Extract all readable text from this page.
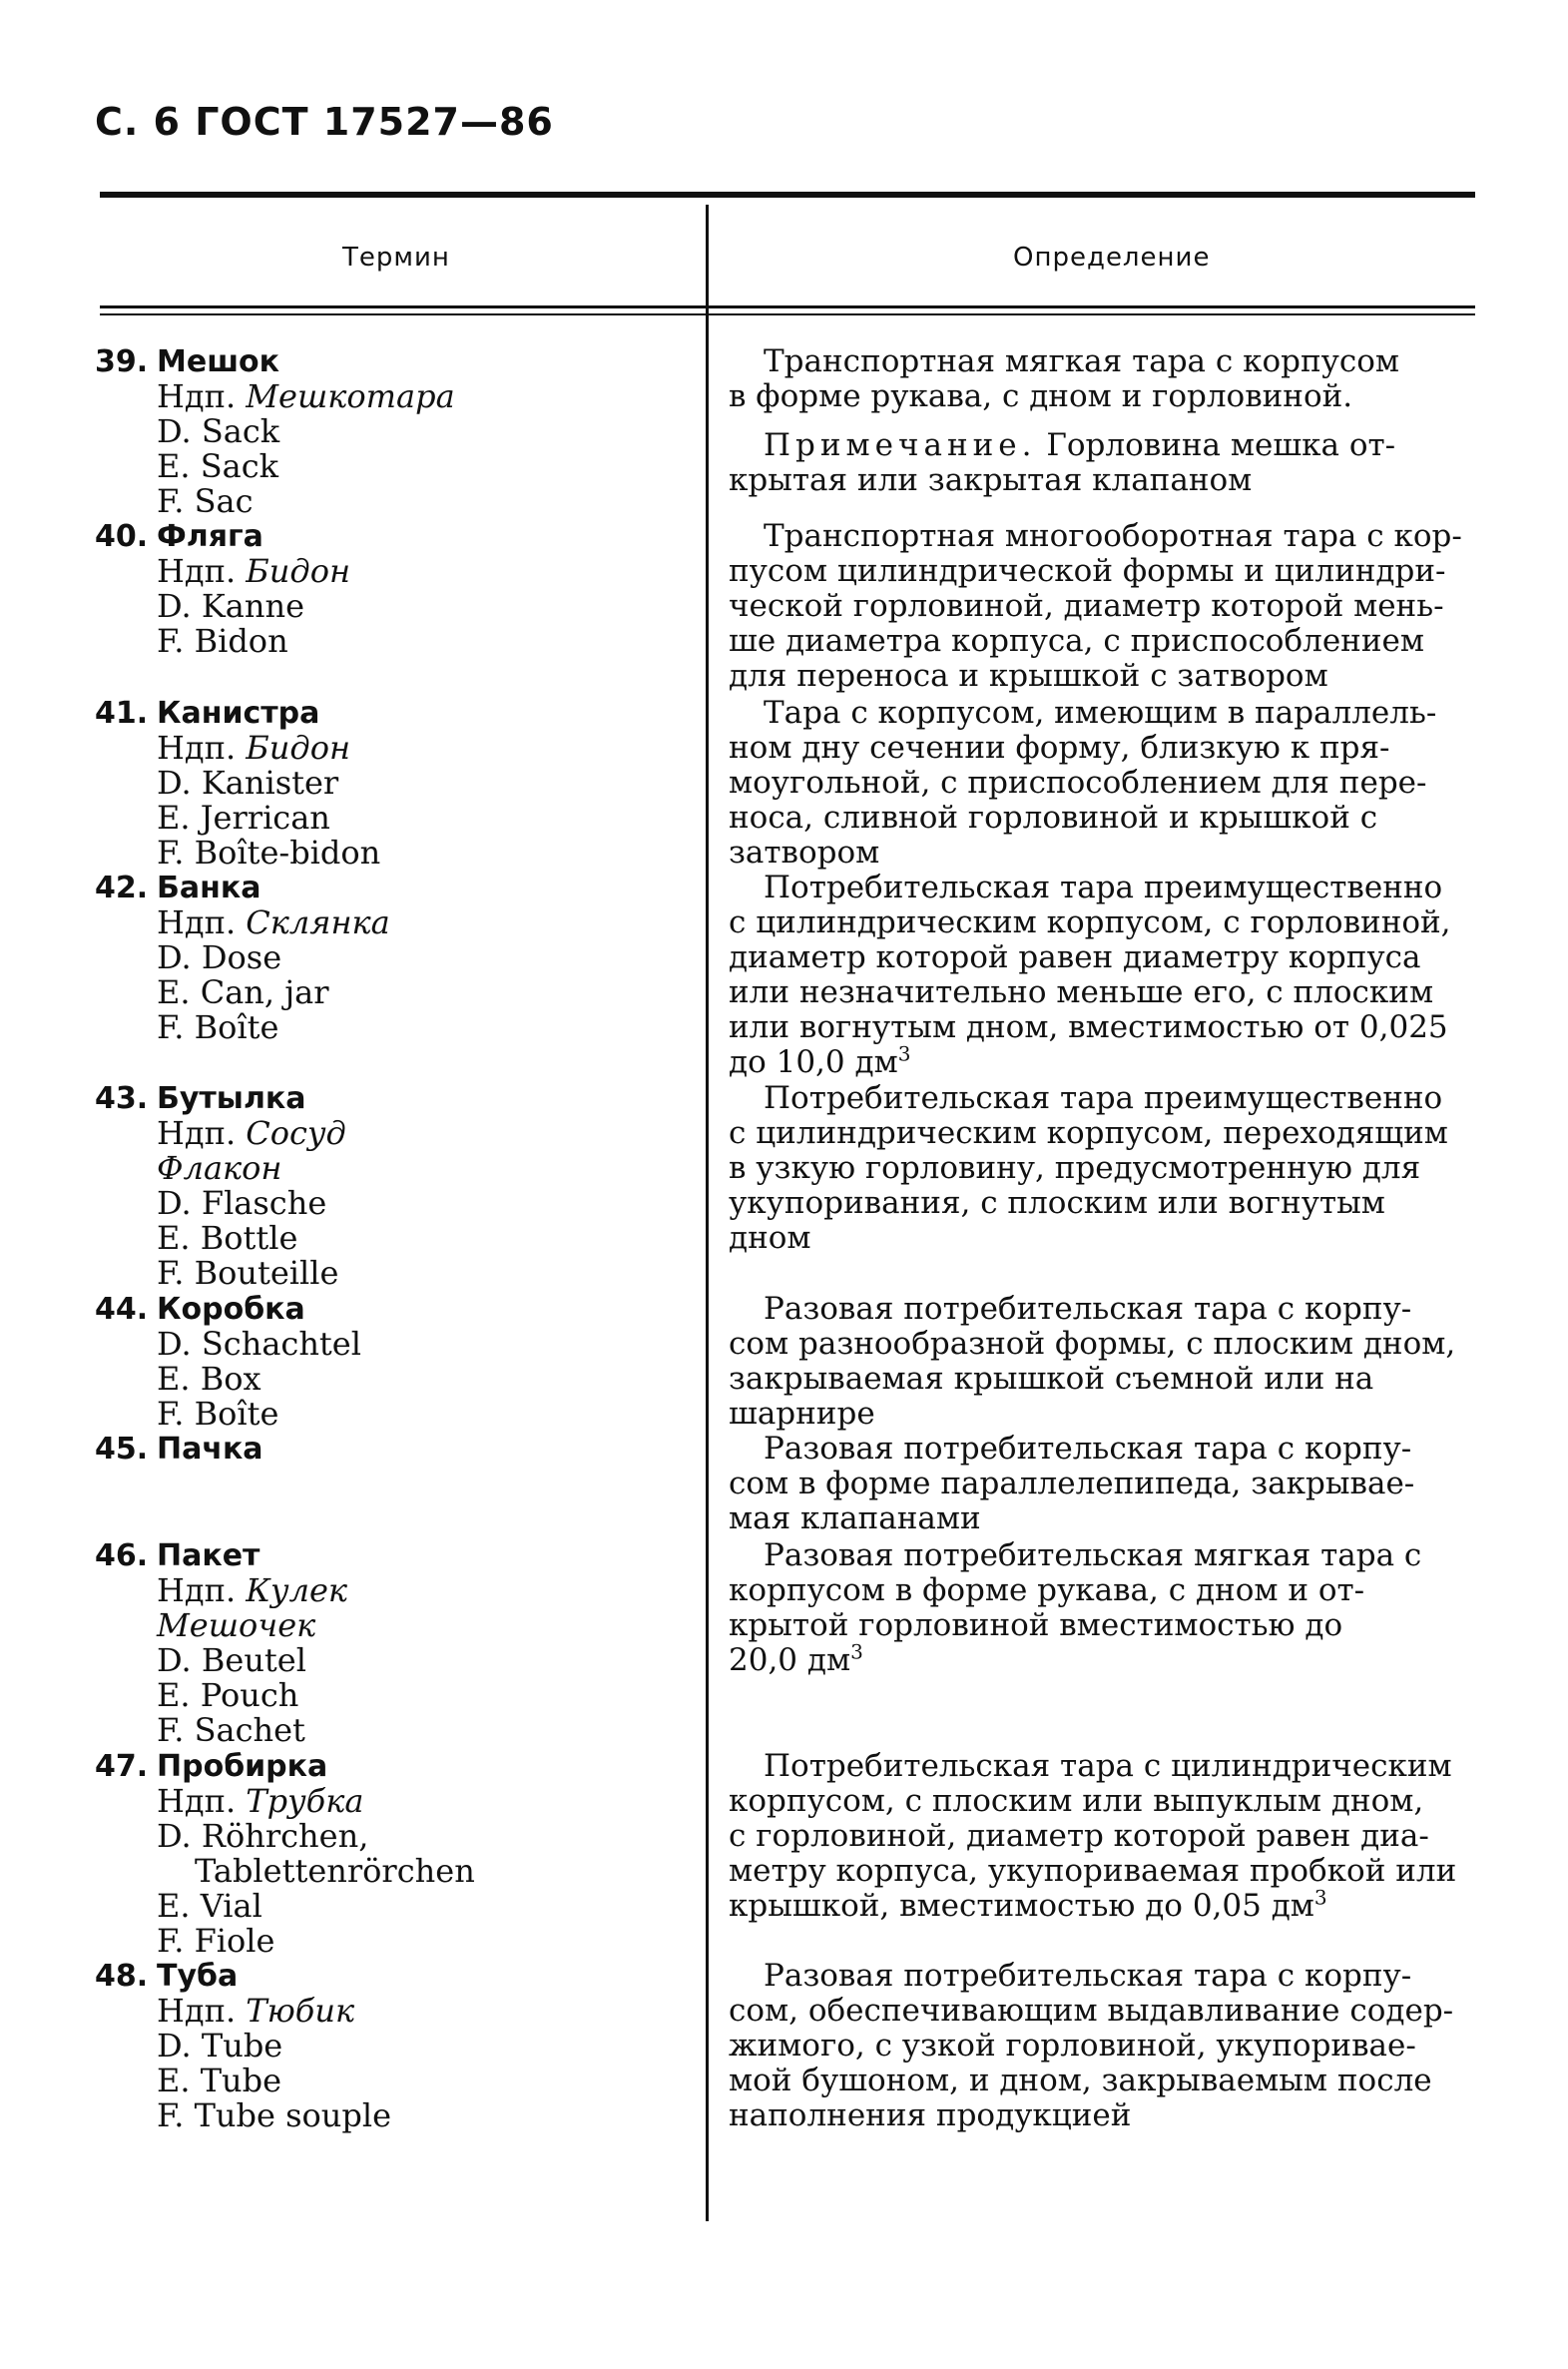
С. 6 ГОСТ 17527—86
Термин	Определение
39. Мешок
Ндп. Мешкотара
D. Sack
E. Sack
F. Sac
Транспортная мягкая тара с корпусом
в форме рукава, с дном и горловиной.
Примечание. Горловина мешка от-
крытая или закрытая клапаном
40. Фляга
Ндп. Бидон
D. Kanne
F. Bidon
Транспортная многооборотная тара с кор-
пусом цилиндрической формы и цилиндри-
ческой горловиной, диаметр которой мень-
ше диаметра корпуса, с приспособлением
для переноса и крышкой с затвором
41. Канистра
Ндп. Бидон
D. Kanister
E. Jerrican
F. Boîte-bidon
Тара с корпусом, имеющим в параллель-
ном дну сечении форму, близкую к пря-
моугольной, с приспособлением для пере-
носа, сливной горловиной и крышкой с
затвором
42. Банка
Ндп. Склянка
D. Dose
E. Can, jar
F. Boîte
Потребительская тара преимущественно
с цилиндрическим корпусом, с горловиной,
диаметр которой равен диаметру корпуса
или незначительно меньше его, с плоским
или вогнутым дном, вместимостью от 0,025
до 10,0 $дм^3$
43. Бутылка
Ндп. Сосуд
Флакон
D. Flasche
E. Bottle
F. Bouteille
Потребительская тара преимущественно
с цилиндрическим корпусом, переходящим
в узкую горловину, предусмотренную для
укупоривания, с плоским или вогнутым
дном
44. Коробка
D. Schachtel
E. Box
F. Boîte
Разовая потребительская тара с корпу-
сом разнообразной формы, с плоским дном,
закрываемая крышкой съемной или на
шарнире
45. Пачка	Разовая потребительская тара с корпу-
сом в форме параллелепипеда, закрывае-
мая клапанами
46. Пакет
Ндп. Кулек
Мешочек
D. Beutel
E. Pouch
F. Sachet
Разовая потребительская мягкая тара с
корпусом в форме рукава, с дном и от-
крытой горловиной вместимостью до
20,0 $дм^3$
47. Пробирка
Ндп. Трубка
D. Röhrchen,
Tablettenrörchen
E. Vial
F. Fiole
Потребительская тара с цилиндрическим
корпусом, с плоским или выпуклым дном,
с горловиной, диаметр которой равен диа-
метру корпуса, укупориваемая пробкой или
крышкой, вместимостью до 0,05 $дм^3$
48. Туба
Ндп. Тюбик
D. Tube
E. Tube
F. Tube souple
Разовая потребительская тара с корпу-
сом, обеспечивающим выдавливание содер-
жимого, с узкой горловиной, укупоривае-
мой бушоном, и дном, закрываемым после
наполнения продукцией
